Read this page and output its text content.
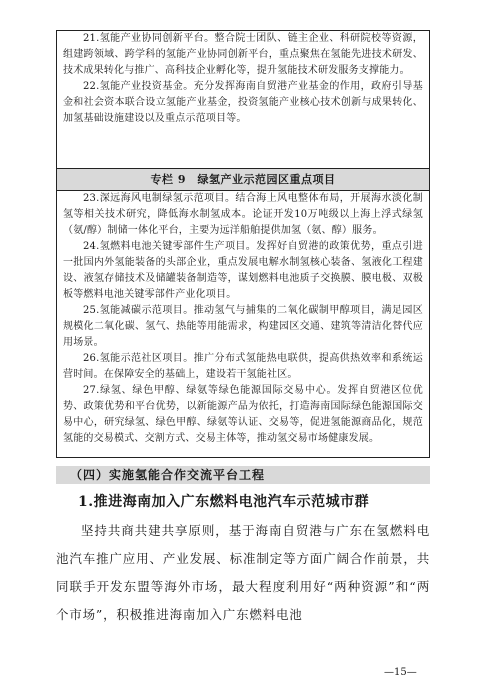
21.氢能产业协同创新平台。整合院士团队、链主企业、科研院校等资源，组建跨领域、跨学科的氢能产业协同创新平台，重点聚焦在氢能先进技术研发、技术成果转化与推广、高科技企业孵化等，提升氢能技术研发服务支撑能力。

22.氢能产业投资基金。充分发挥海南自贸港产业基金的作用，政府引导基金和社会资本联合设立氢能产业基金，投资氢能产业核心技术创新与成果转化、加氢基础设施建设以及重点示范项目等。

专栏 9　绿氢产业示范园区重点项目

23.深远海风电制绿氢示范项目。结合海上风电整体布局，开展海水淡化制氢等相关技术研究，降低海水制氢成本。论证开发10万吨级以上海上浮式绿氢（氨/醇）制储一体化平台，主要为远洋船舶提供加氢（氨、醇）服务。

24.氢燃料电池关键零部件生产项目。发挥好自贸港的政策优势，重点引进一批国内外氢能装备的头部企业，重点发展电解水制氢核心装备、氢液化工程建设、液氢存储技术及储罐装备制造等，谋划燃料电池质子交换膜、膜电极、双极板等燃料电池关键零部件产业化项目。

25.氢能减碳示范项目。推动氢气与捕集的二氧化碳制甲醇项目，满足园区规模化二氧化碳、氢气、热能等用能需求，构建园区交通、建筑等清洁化替代应用场景。

26.氢能示范社区项目。推广分布式氢能热电联供，提高供热效率和系统运营时间。在保障安全的基础上，建设若干氢能社区。

27.绿氢、绿色甲醇、绿氨等绿色能源国际交易中心。发挥自贸港区位优势、政策优势和平台优势，以新能源产品为依托，打造海南国际绿色能源国际交易中心，研究绿氢、绿色甲醇、绿氨等认证、交易等，促进氢能源商品化，规范氢能的交易模式、交割方式、交易主体等，推动氢交易市场健康发展。

（四）实施氢能合作交流平台工程
1.推进海南加入广东燃料电池汽车示范城市群

坚持共商共建共享原则，基于海南自贸港与广东在氢燃料电池汽车推广应用、产业发展、标准制定等方面广阔合作前景，共同联手开发东盟等海外市场，最大程度利用好“两种资源”和“两个市场”，积极推进海南加入广东燃料电池

—15—
